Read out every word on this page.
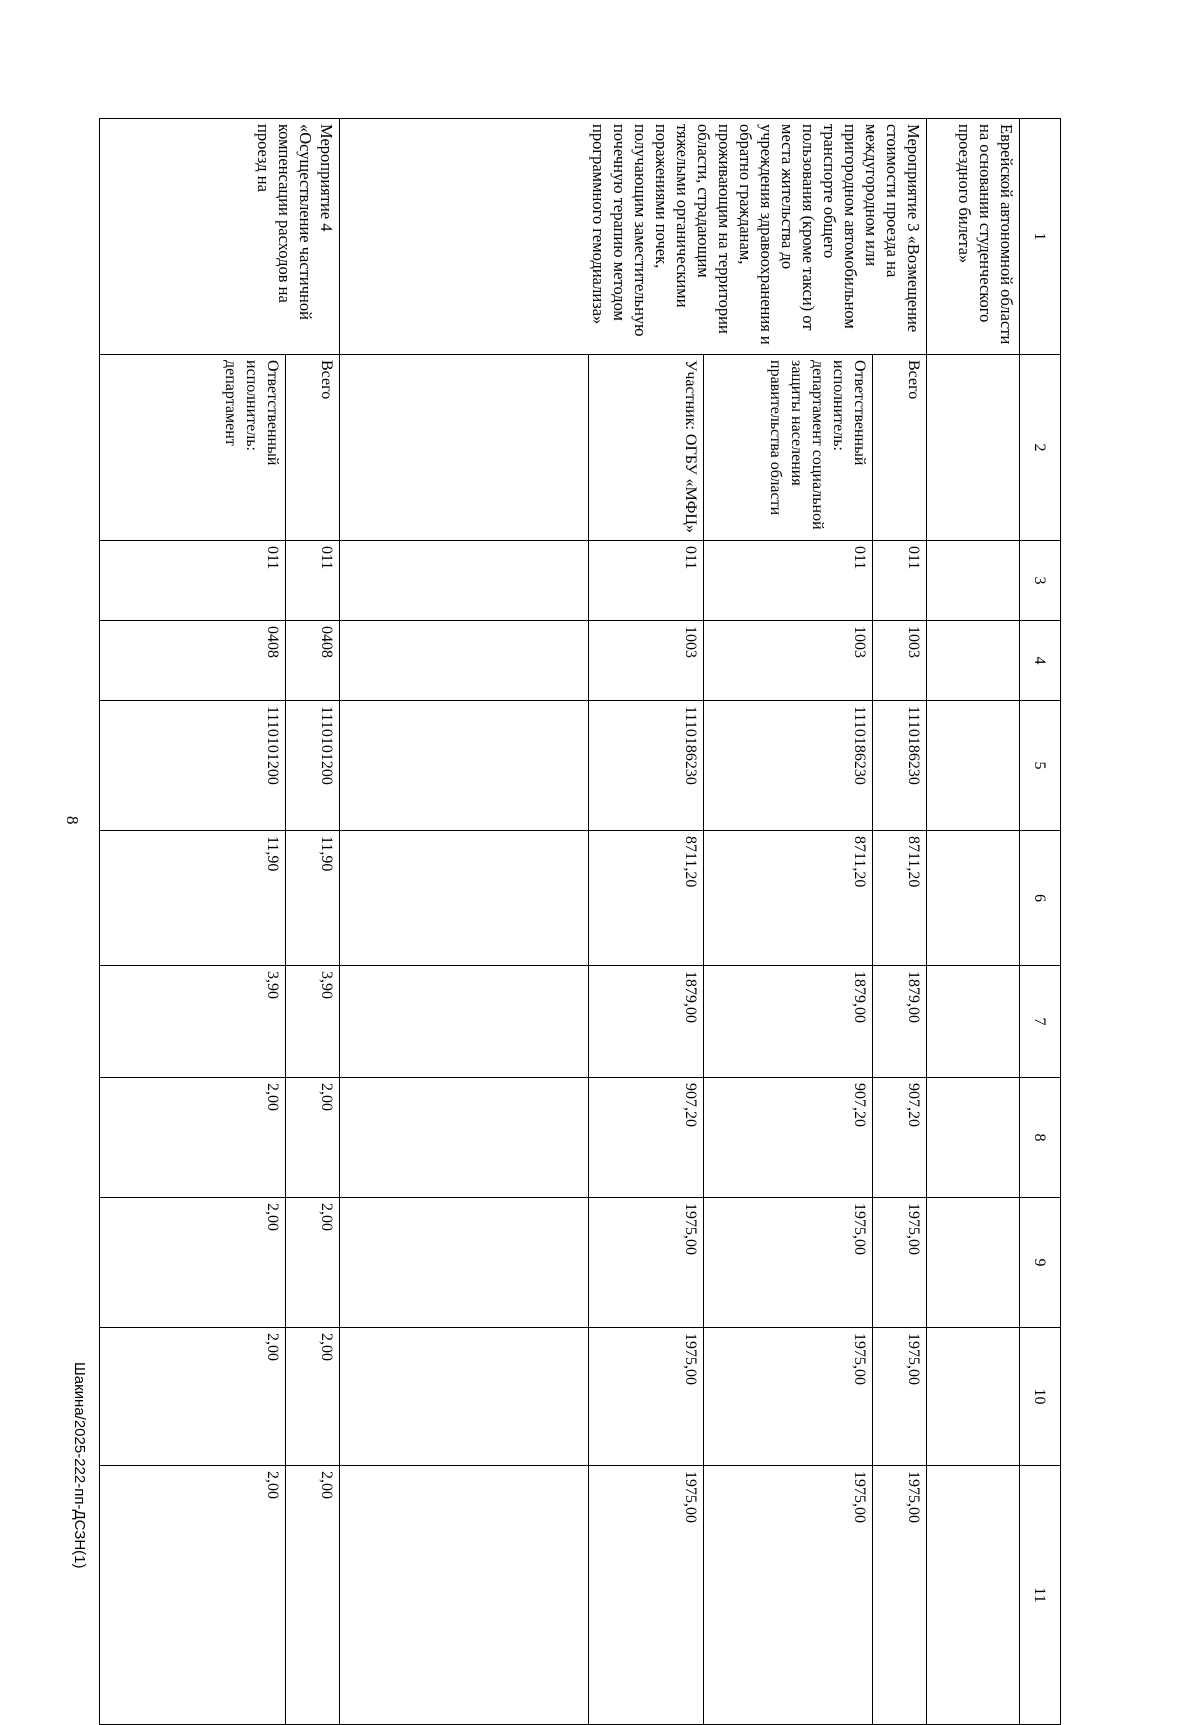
8
Шакина/2025-222-пп-ДСЗН(1)
1	2	3	4	5	6	7	8	9	10	11
Еврейской автономной области на основании студенческого проездного билета»										
Мероприятие 3 «Возмещение стоимости проезда на междугородном или пригородном автомобильном транспорте общего пользования (кроме такси) от места жительства до учреждения здравоохранения и обратно гражданам, проживающим на территории области, страдающим тяжелыми органическими поражениями почек, получающим заместительную почечную терапию методом программного гемодиализа»	Всего	011	1003	1110186230	8711,20	1879,00	907,20	1975,00	1975,00	1975,00
	Ответственный исполнитель: департамент социальной защиты населения правительства области	011	1003	1110186230	8711,20	1879,00	907,20	1975,00	1975,00	1975,00
	Участник: ОГБУ «МФЦ»	011	1003	1110186230	8711,20	1879,00	907,20	1975,00	1975,00	1975,00

Мероприятие 4 «Осуществление частичной компенсации расходов на проезд на	Всего	011	0408	1110101200	11,90	3,90	2,00	2,00	2,00	2,00
	Ответственный исполнитель: департамент	011	0408	1110101200	11,90	3,90	2,00	2,00	2,00	2,00
